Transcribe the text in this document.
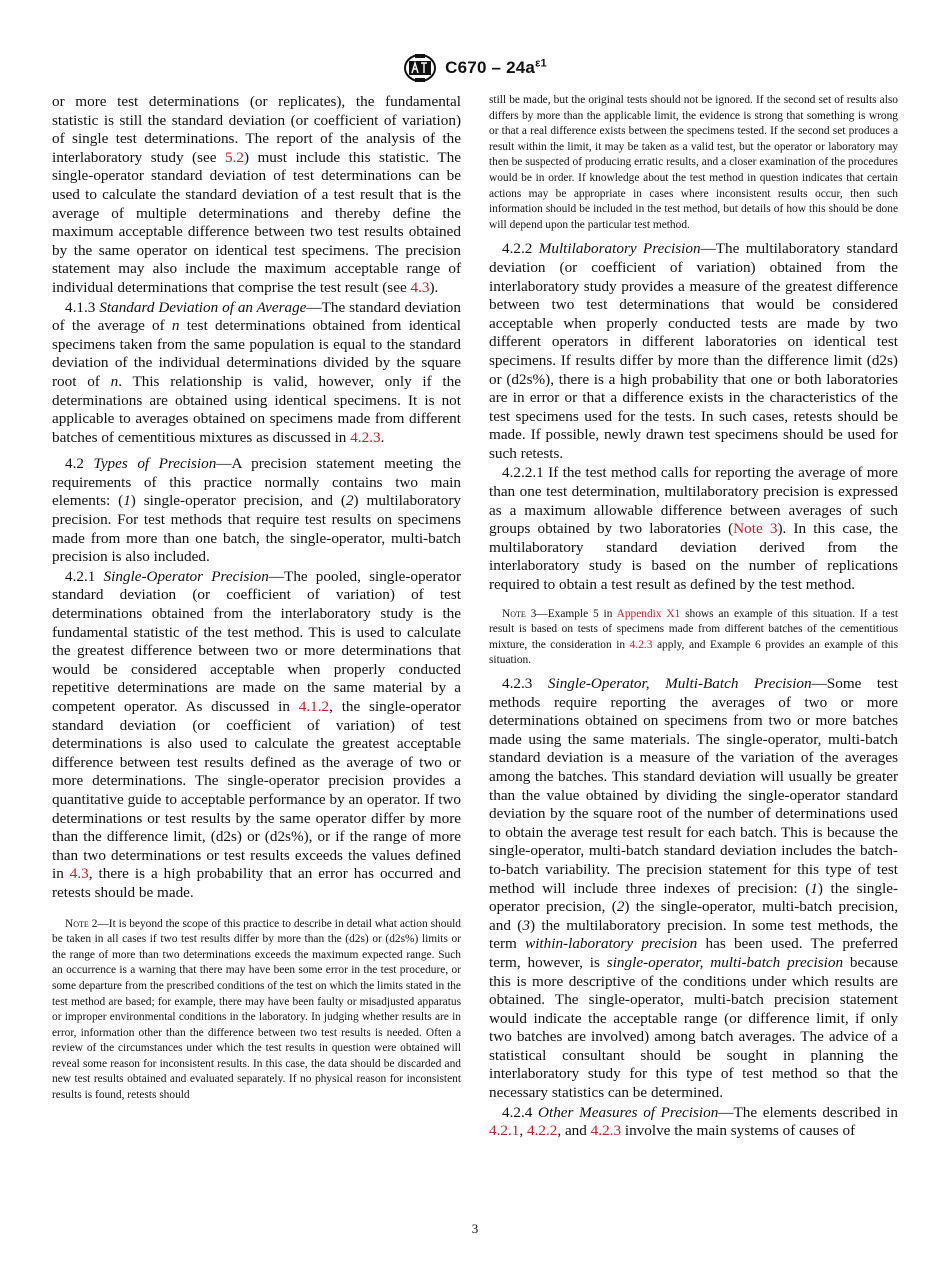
$C670 - 24a^{\varepsilon 1}$

or more test determinations (or replicates), the fundamental statistic is still the standard deviation (or coefficient of variation) of single test determinations. The report of the analysis of the interlaboratory study (see 5.2) must include this statistic. The single-operator standard deviation of test determinations can be used to calculate the standard deviation of a test result that is the average of multiple determinations and thereby define the maximum acceptable difference between two test results obtained by the same operator on identical test specimens. The precision statement may also include the maximum acceptable range of individual determinations that comprise the test result (see 4.3).

4.1.3 Standard Deviation of an Average—The standard deviation of the average of n test determinations obtained from identical specimens taken from the same population is equal to the standard deviation of the individual determinations divided by the square root of n. This relationship is valid, however, only if the determinations are obtained using identical specimens. It is not applicable to averages obtained on specimens made from different batches of cementitious mixtures as discussed in 4.2.3.

4.2 Types of Precision—A precision statement meeting the requirements of this practice normally contains two main elements: (1) single-operator precision, and (2) multilaboratory precision. For test methods that require test results on specimens made from more than one batch, the single-operator, multi-batch precision is also included.

4.2.1 Single-Operator Precision—The pooled, single-operator standard deviation (or coefficient of variation) of test determinations obtained from the interlaboratory study is the fundamental statistic of the test method. This is used to calculate the greatest difference between two or more determinations that would be considered acceptable when properly conducted repetitive determinations are made on the same material by a competent operator. As discussed in 4.1.2, the single-operator standard deviation (or coefficient of variation) of test determinations is also used to calculate the greatest acceptable difference between test results defined as the average of two or more determinations. The single-operator precision provides a quantitative guide to acceptable performance by an operator. If two determinations or test results by the same operator differ by more than the difference limit, (d2s) or (d2s%), or if the range of more than two determinations or test results exceeds the values defined in 4.3, there is a high probability that an error has occurred and retests should be made.

Note 2—It is beyond the scope of this practice to describe in detail what action should be taken in all cases if two test results differ by more than the (d2s) or (d2s%) limits or the range of more than two determinations exceeds the maximum expected range. Such an occurrence is a warning that there may have been some error in the test procedure, or some departure from the prescribed conditions of the test on which the limits stated in the test method are based; for example, there may have been faulty or misadjusted apparatus or improper environmental conditions in the laboratory. In judging whether results are in error, information other than the difference between two test results is needed. Often a review of the circumstances under which the test results in question were obtained will reveal some reason for inconsistent results. In this case, the data should be discarded and new test results obtained and evaluated separately. If no physical reason for inconsistent results is found, retests should

still be made, but the original tests should not be ignored. If the second set of results also differs by more than the applicable limit, the evidence is strong that something is wrong or that a real difference exists between the specimens tested. If the second set produces a result within the limit, it may be taken as a valid test, but the operator or laboratory may then be suspected of producing erratic results, and a closer examination of the procedures would be in order. If knowledge about the test method in question indicates that certain actions may be appropriate in cases where inconsistent results occur, then such information should be included in the test method, but details of how this should be done will depend upon the particular test method.

4.2.2 Multilaboratory Precision—The multilaboratory standard deviation (or coefficient of variation) obtained from the interlaboratory study provides a measure of the greatest difference between two test determinations that would be considered acceptable when properly conducted tests are made by two different operators in different laboratories on identical test specimens. If results differ by more than the difference limit (d2s) or (d2s%), there is a high probability that one or both laboratories are in error or that a difference exists in the characteristics of the test specimens used for the tests. In such cases, retests should be made. If possible, newly drawn test specimens should be used for such retests.

4.2.2.1 If the test method calls for reporting the average of more than one test determination, multilaboratory precision is expressed as a maximum allowable difference between averages of such groups obtained by two laboratories (Note 3). In this case, the multilaboratory standard deviation derived from the interlaboratory study is based on the number of replications required to obtain a test result as defined by the test method.

Note 3—Example 5 in Appendix X1 shows an example of this situation. If a test result is based on tests of specimens made from different batches of the cementitious mixture, the consideration in 4.2.3 apply, and Example 6 provides an example of this situation.

4.2.3 Single-Operator, Multi-Batch Precision—Some test methods require reporting the averages of two or more determinations obtained on specimens from two or more batches made using the same materials. The single-operator, multi-batch standard deviation is a measure of the variation of the averages among the batches. This standard deviation will usually be greater than the value obtained by dividing the single-operator standard deviation by the square root of the number of determinations used to obtain the average test result for each batch. This is because the single-operator, multi-batch standard deviation includes the batch-to-batch variability. The precision statement for this type of test method will include three indexes of precision: (1) the single-operator precision, (2) the single-operator, multi-batch precision, and (3) the multilaboratory precision. In some test methods, the term within-laboratory precision has been used. The preferred term, however, is single-operator, multi-batch precision because this is more descriptive of the conditions under which results are obtained. The single-operator, multi-batch precision statement would indicate the acceptable range (or difference limit, if only two batches are involved) among batch averages. The advice of a statistical consultant should be sought in planning the interlaboratory study for this type of test method so that the necessary statistics can be determined.

4.2.4 Other Measures of Precision—The elements described in 4.2.1, 4.2.2, and 4.2.3 involve the main systems of causes of

3
